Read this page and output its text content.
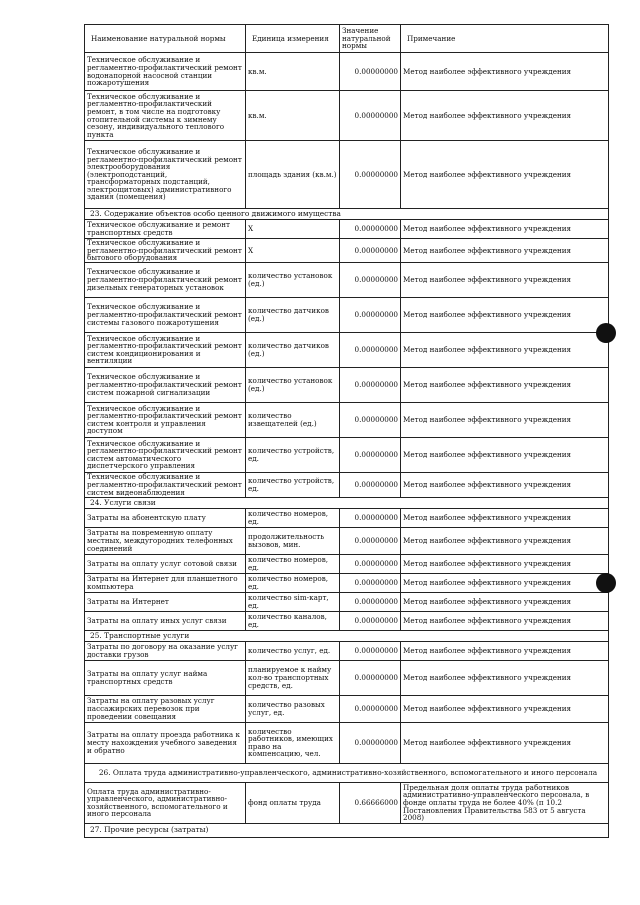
Наименование натуральной нормы	Единица измерения	Значение натуральной нормы	Примечание
Техническое обслуживание и регламентно-профилактический ремонт водонапорной насосной станции пожаротушения	кв.м.	0.00000000	Метод наиболее эффективного учреждения
Техническое обслуживание и регламентно-профилактический ремонт, в том числе на подготовку отопительной системы к зимнему сезону, индивидуального теплового пункта	кв.м.	0.00000000	Метод наиболее эффективного учреждения
Техническое обслуживание и регламентно-профилактический ремонт электрооборудования (электроподстанций, трансформаторных подстанций, электрощитовых) административного здания (помещения)	площадь здания (кв.м.)	0.00000000	Метод наиболее эффективного учреждения
23. Содержание объектов особо ценного движимого имущества			
Техническое обслуживание и ремонт транспортных средств	X	0.00000000	Метод наиболее эффективного учреждения
Техническое обслуживание и регламентно-профилактический ремонт бытового оборудования	X	0.00000000	Метод наиболее эффективного учреждения
Техническое обслуживание и регламентно-профилактический ремонт дизельных генераторных установок	количество установок (ед.)	0.00000000	Метод наиболее эффективного учреждения
Техническое обслуживание и регламентно-профилактический ремонт системы газового пожаротушения	количество датчиков (ед.)	0.00000000	Метод наиболее эффективного учреждения
Техническое обслуживание и регламентно-профилактический ремонт систем кондиционирования и вентиляции	количество датчиков (ед.)	0.00000000	Метод наиболее эффективного учреждения
Техническое обслуживание и регламентно-профилактический ремонт систем пожарной сигнализации	количество установок (ед.)	0.00000000	Метод наиболее эффективного учреждения
Техническое обслуживание и регламентно-профилактический ремонт систем контроля и управления доступом	количество извещателей (ед.)	0.00000000	Метод наиболее эффективного учреждения
Техническое обслуживание и регламентно-профилактический ремонт систем автоматического диспетчерского управления	количество устройств, ед.	0.00000000	Метод наиболее эффективного учреждения
Техническое обслуживание и регламентно-профилактический ремонт систем видеонаблюдения	количество устройств, ед.	0.00000000	Метод наиболее эффективного учреждения
24. Услуги связи			
Затраты на абонентскую плату	количество номеров, ед.	0.00000000	Метод наиболее эффективного учреждения
Затраты на повременную оплату местных, междугородних телефонных соединений	продолжительность вызовов, мин.	0.00000000	Метод наиболее эффективного учреждения
Затраты на оплату услуг сотовой связи	количество номеров, ед.	0.00000000	Метод наиболее эффективного учреждения
Затраты на Интернет для планшетного компьютера	количество номеров, ед.	0.00000000	Метод наиболее эффективного учреждения
Затраты на Интернет	количество sim-карт, ед.	0.00000000	Метод наиболее эффективного учреждения
Затраты на оплату иных услуг связи	количество каналов, ед.	0.00000000	Метод наиболее эффективного учреждения
25. Транспортные услуги			
Затраты по договору на оказание услуг доставки грузов	количество услуг, ед.	0.00000000	Метод наиболее эффективного учреждения
Затраты на оплату услуг найма транспортных средств	планируемое к найму кол-во транспортных средств, ед.	0.00000000	Метод наиболее эффективного учреждения
Затраты на оплату разовых услуг пассажирских перевозок при проведении совещания	количество разовых услуг, ед.	0.00000000	Метод наиболее эффективного учреждения
Затраты на оплату проезда работника к месту нахождения учебного заведения и обратно	количество работников, имеющих право на компенсацию, чел.	0.00000000	Метод наиболее эффективного учреждения
26. Оплата труда административно-управленческого, административно-хозяйственного, вспомогательного и иного персонала			
Оплата труда административно-управленческого, административно-хозяйственного, вспомогательного и иного персонала	фонд оплаты труда	0.66666000	Предельная доля оплаты труда работников административно-управленческого персонала, в фонде оплаты труда не более 40% (п 10.2 Постановления Правительства 583 от 5 августа 2008)
27. Прочие ресурсы (затраты)			
